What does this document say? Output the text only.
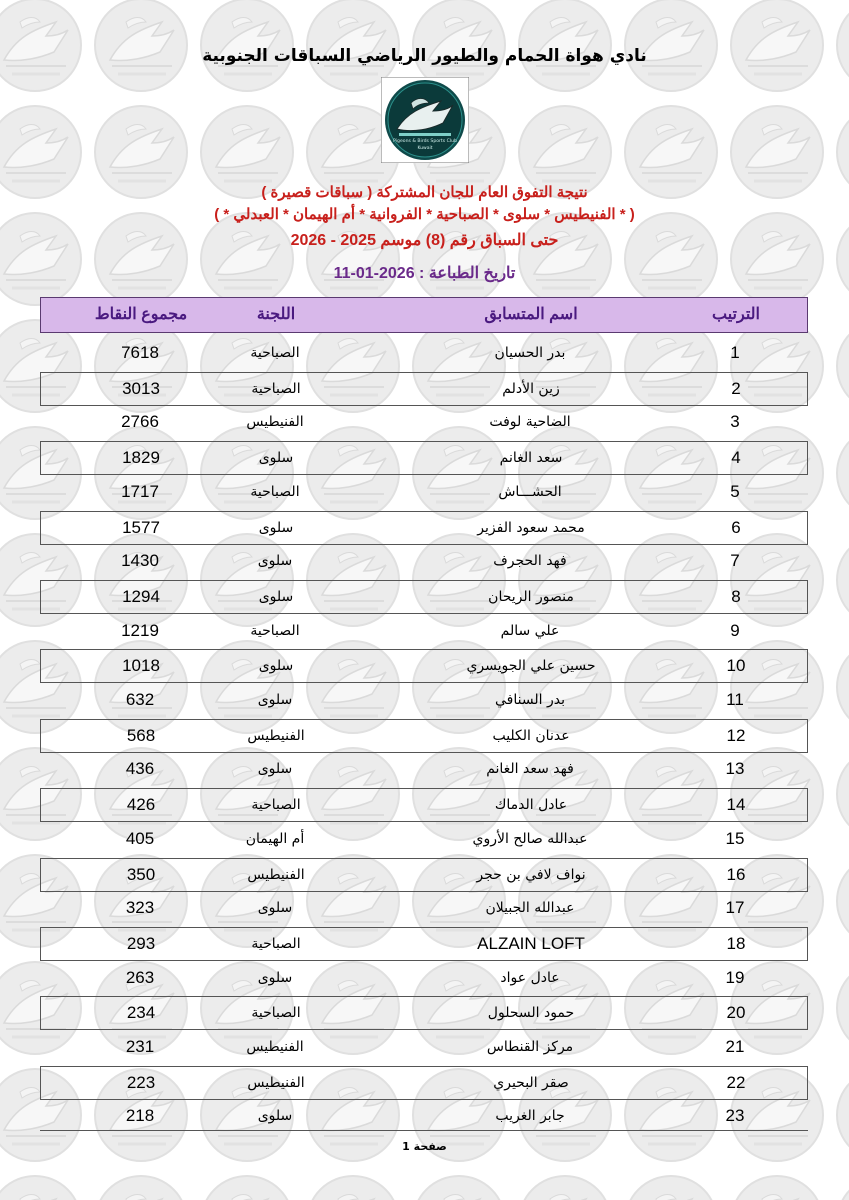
نادي هواة الحمام والطيور الرياضي السباقات الجنوبية
Pigeons & Birds Sports Club
Kuwait
نتيجة التفوق العام للجان المشتركة ( سباقات قصيرة )
( * الفنيطيس * سلوى * الصباحية * الفروانية * أم الهيمان * العبدلي * )
حتى السباق رقم (8) موسم 2025 - 2026
تاريخ الطباعة : 2026-01-11
الترتيب
اسم المتسابق
اللجنة
مجموع النقاط
1
بدر الحسيان
الصباحية
7618
2
زين الأدلم
الصباحية
3013
3
الضاحية لوفت
الفنيطيس
2766
4
سعد الغانم
سلوى
1829
5
الحشـــاش
الصباحية
1717
6
محمد سعود الفزير
سلوى
1577
7
فهد الحجرف
سلوى
1430
8
منصور الريحان
سلوى
1294
9
علي سالم
الصباحية
1219
10
حسين علي الجويسري
سلوى
1018
11
بدر السنافي
سلوى
632
12
عدنان الكليب
الفنيطيس
568
13
فهد سعد الغانم
سلوى
436
14
عادل الدماك
الصباحية
426
15
عبدالله صالح الأروي
أم الهيمان
405
16
نواف لافي بن حجر
الفنيطيس
350
17
عبدالله الجبيلان
سلوى
323
18
ALZAIN LOFT
الصباحية
293
19
عادل عواد
سلوى
263
20
حمود السحلول
الصباحية
234
21
مركز القنطاس
الفنيطيس
231
22
صقر البحيري
الفنيطيس
223
23
جابر الغريب
سلوى
218
صفحة 1
